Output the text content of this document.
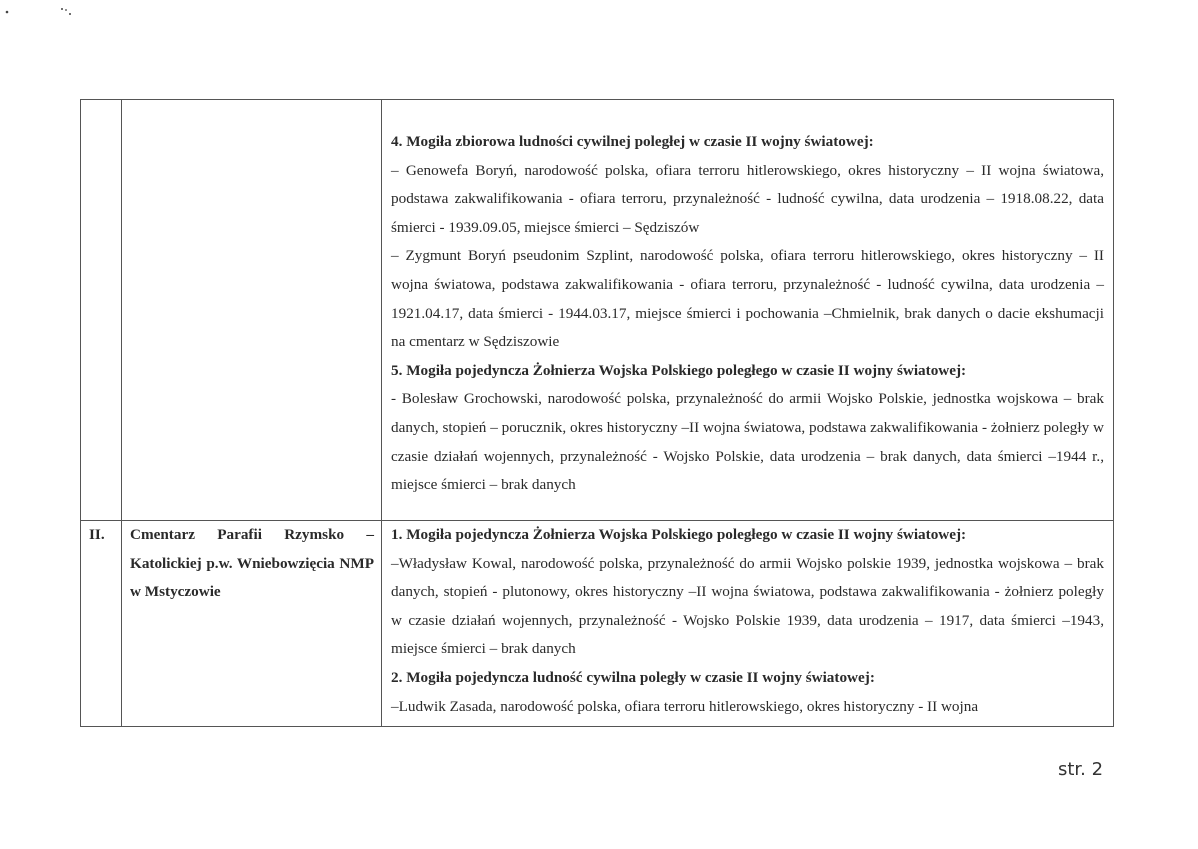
		4. Mogiła zbiorowa ludności cywilnej poległej w czasie II wojny światowej:

– Genowefa Boryń, narodowość polska, ofiara terroru hitlerowskiego, okres historyczny – II wojna światowa, podstawa zakwalifikowania - ofiara terroru, przynależność - ludność cywilna, data urodzenia – 1918.08.22, data śmierci - 1939.09.05, miejsce śmierci – Sędziszów

– Zygmunt Boryń pseudonim Szplint, narodowość polska, ofiara terroru hitlerowskiego, okres historyczny – II wojna światowa, podstawa zakwalifikowania - ofiara terroru, przynależność - ludność cywilna, data urodzenia – 1921.04.17, data śmierci - 1944.03.17, miejsce śmierci i pochowania –Chmielnik, brak danych o dacie ekshumacji na cmentarz w Sędziszowie

5. Mogiła pojedyncza Żołnierza Wojska Polskiego poległego w czasie II wojny światowej:

- Bolesław Grochowski, narodowość polska, przynależność do armii Wojsko Polskie, jednostka wojskowa – brak danych, stopień – porucznik, okres historyczny –II wojna światowa, podstawa zakwalifikowania - żołnierz poległy w czasie działań wojennych, przynależność - Wojsko Polskie, data urodzenia – brak danych, data śmierci –1944 r., miejsce śmierci – brak danych

II.	Cmentarz Parafii Rzymsko – Katolickiej p.w. Wniebowzięcia NMP w Mstyczowie	1. Mogiła pojedyncza Żołnierza Wojska Polskiego poległego w czasie II wojny światowej:

–Władysław Kowal, narodowość polska, przynależność do armii Wojsko polskie 1939, jednostka wojskowa – brak danych, stopień - plutonowy, okres historyczny –II wojna światowa, podstawa zakwalifikowania - żołnierz poległy w czasie działań wojennych, przynależność - Wojsko Polskie 1939, data urodzenia – 1917, data śmierci –1943, miejsce śmierci – brak danych

2. Mogiła pojedyncza ludność cywilna poległy w czasie II wojny światowej:

–Ludwik Zasada, narodowość polska, ofiara terroru hitlerowskiego, okres historyczny - II wojna

str. 2
